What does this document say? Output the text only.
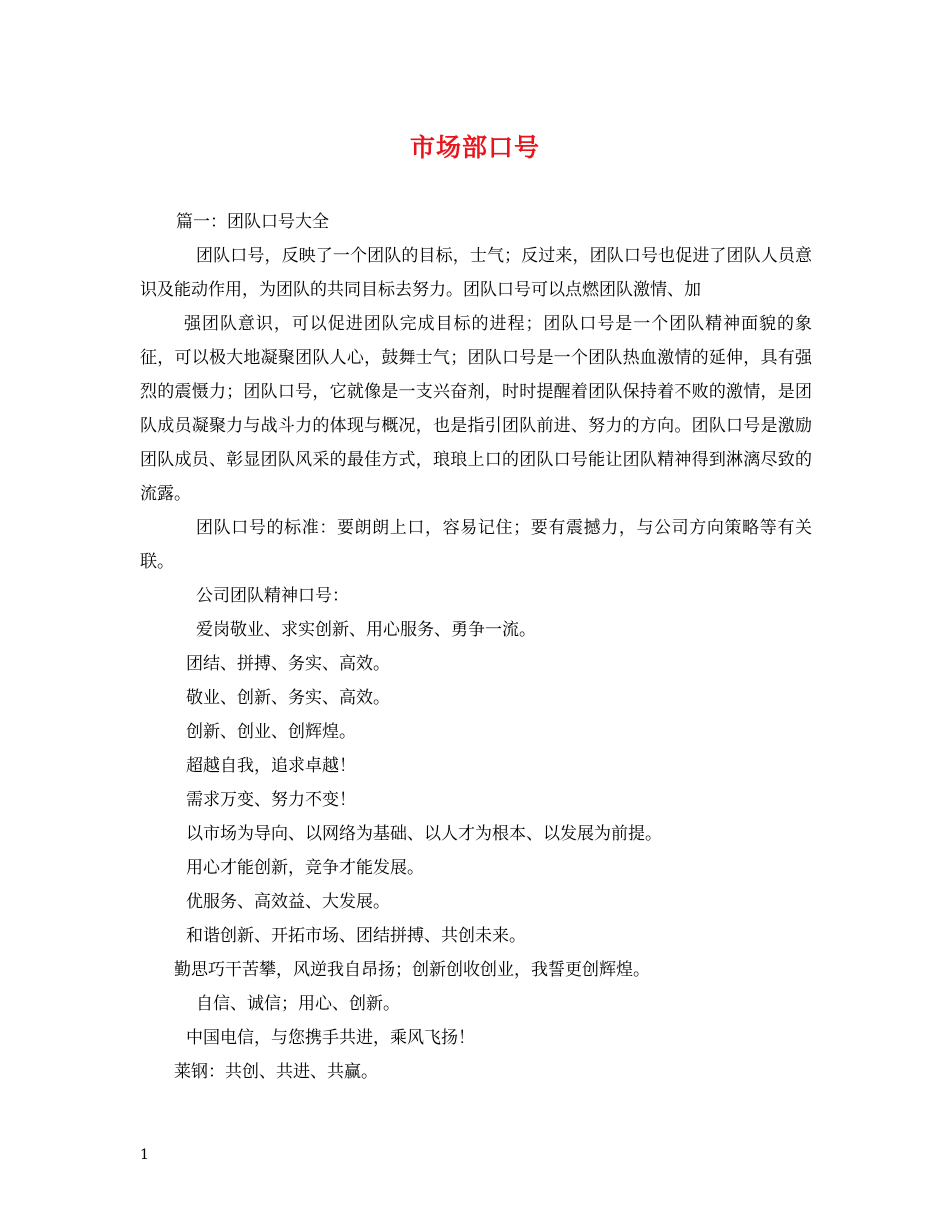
市场部口号
篇一：团队口号大全
团队口号，反映了一个团队的目标，士气；反过来，团队口号也促进了团队人员意识及能动作用，为团队的共同目标去努力。团队口号可以点燃团队激情、加
强团队意识，可以促进团队完成目标的进程；团队口号是一个团队精神面貌的象征，可以极大地凝聚团队人心，鼓舞士气；团队口号是一个团队热血激情的延伸，具有强烈的震慑力；团队口号，它就像是一支兴奋剂，时时提醒着团队保持着不败的激情，是团队成员凝聚力与战斗力的体现与概况，也是指引团队前进、努力的方向。团队口号是激励团队成员、彰显团队风采的最佳方式，琅琅上口的团队口号能让团队精神得到淋漓尽致的流露。
团队口号的标准：要朗朗上口，容易记住；要有震撼力，与公司方向策略等有关联。
公司团队精神口号：
爱岗敬业、求实创新、用心服务、勇争一流。
团结、拼搏、务实、高效。
敬业、创新、务实、高效。
创新、创业、创辉煌。
超越自我，追求卓越！
需求万变、努力不变！
以市场为导向、以网络为基础、以人才为根本、以发展为前提。
用心才能创新，竞争才能发展。
优服务、高效益、大发展。
和谐创新、开拓市场、团结拼搏、共创未来。
勤思巧干苦攀，风逆我自昂扬；创新创收创业，我誓更创辉煌。
自信、诚信；用心、创新。
中国电信，与您携手共进，乘风飞扬！
莱钢：共创、共进、共赢。
1
